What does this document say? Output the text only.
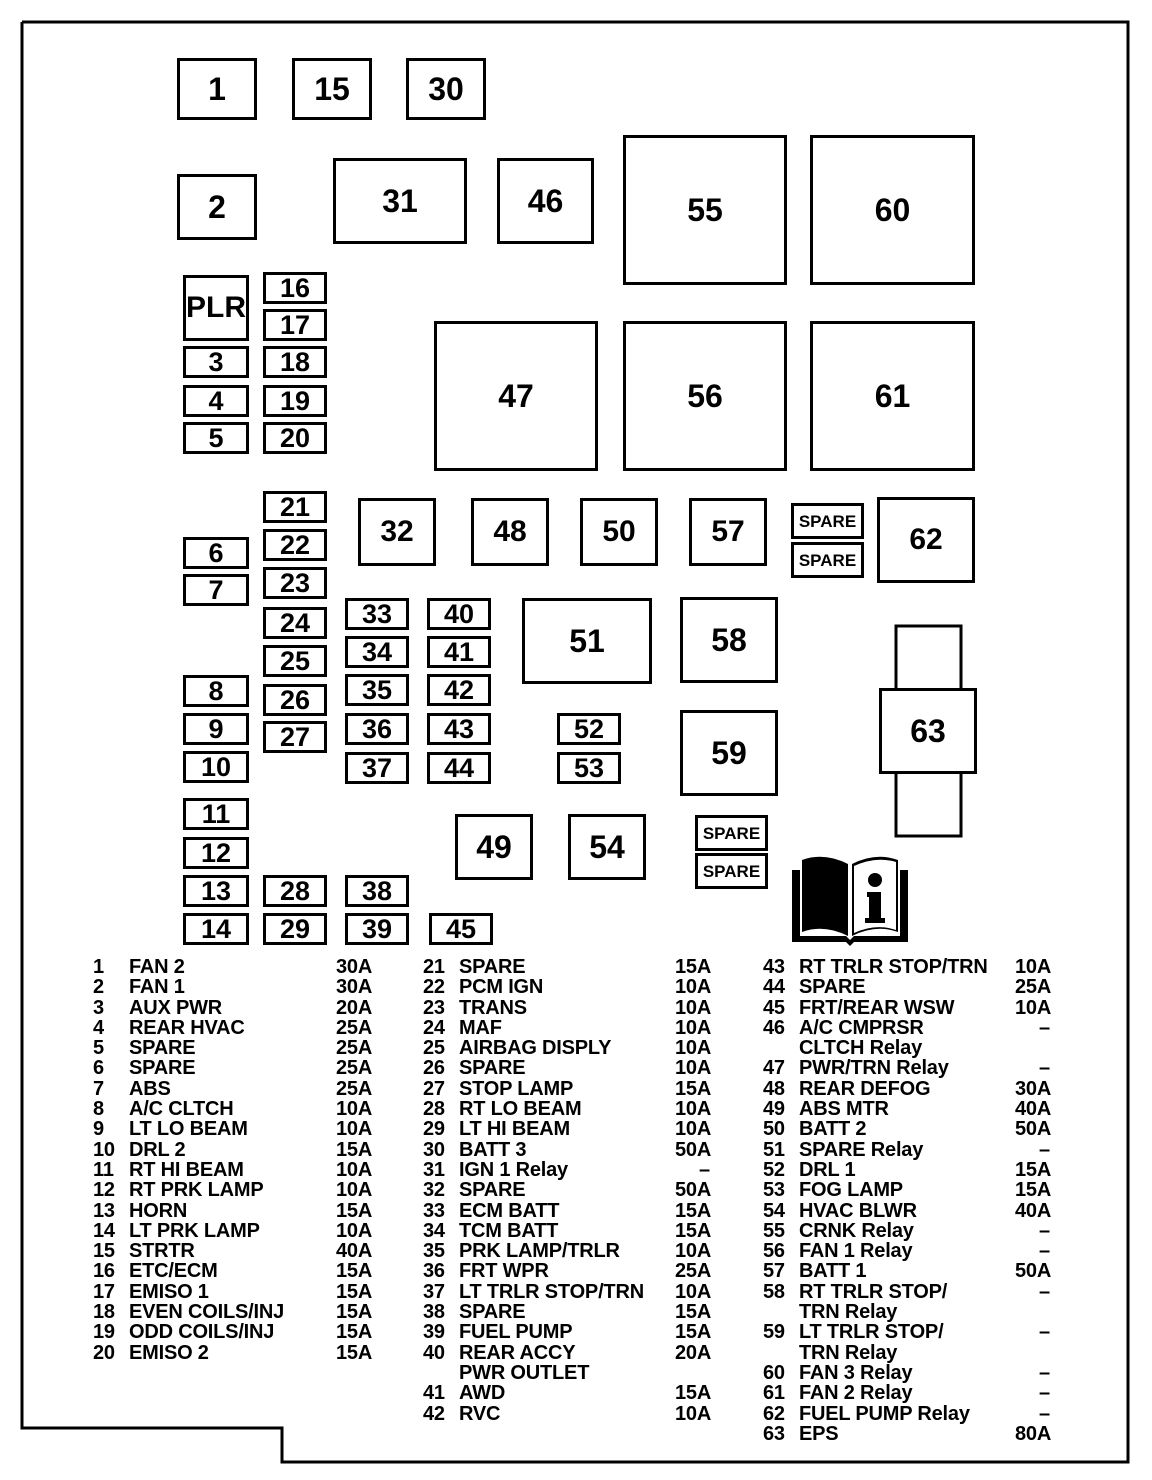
1	15	30
2	31	46	55	60
PLR
3
4
5
16
17
18
19
20
47	56	61
21
22
23
24
25
26
27
6
7
32	48	50	57	SPARE
SPARE
62
33
34
35
36
37
40
41
42
43
44
51	58
52
53	59
63
8
9
10
11
12
13
14
49	54	SPARE
SPARE
28
29
38
39	45
1 FAN 2	30A
2 FAN 1	30A
3 AUX PWR	20A
4 REAR HVAC	25A
5 SPARE	25A
6 SPARE	25A
7 ABS	25A
8 A/C CLTCH	10A
9 LT LO BEAM	10A
10 DRL 2	15A
11 RT HI BEAM	10A
12 RT PRK LAMP	10A
13 HORN	15A
14 LT PRK LAMP	10A
15 STRTR	40A
16 ETC/ECM	15A
17 EMISO 1	15A
18 EVEN COILS/INJ	15A
19 ODD COILS/INJ	15A
20 EMISO 2	15A
21 SPARE	15A
22 PCM IGN	10A
23 TRANS	10A
24 MAF	10A
25 AIRBAG DISPLY	10A
26 SPARE	10A
27 STOP LAMP	15A
28 RT LO BEAM	10A
29 LT HI BEAM	10A
30 BATT 3	50A
31 IGN 1 Relay	–
32 SPARE	50A
33 ECM BATT	15A
34 TCM BATT	15A
35 PRK LAMP/TRLR	10A
36 FRT WPR	25A
37 LT TRLR STOP/TRN 10A
38 SPARE	15A
39 FUEL PUMP	15A
40 REAR ACCY	20A
PWR OUTLET
41 AWD	15A
42 RVC	10A
43 RT TRLR STOP/TRN 10A
44 SPARE	25A
45 FRT/REAR WSW	10A
46 A/C CMPRSR	–
CLTCH Relay
47 PWR/TRN Relay	–
48 REAR DEFOG	30A
49 ABS MTR	40A
50 BATT 2	50A
51 SPARE Relay	–
52 DRL 1	15A
53 FOG LAMP	15A
54 HVAC BLWR	40A
55 CRNK Relay	–
56 FAN 1 Relay	–
57 BATT 1	50A
58 RT TRLR STOP/	–
TRN Relay
59 LT TRLR STOP/	–
TRN Relay
60 FAN 3 Relay	–
61 FAN 2 Relay	–
62 FUEL PUMP Relay	–
63 EPS	80A
